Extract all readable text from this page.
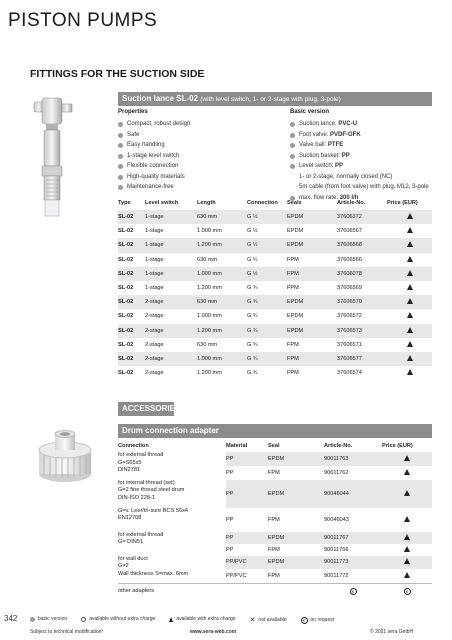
PISTON PUMPS
FITTINGS FOR THE SUCTION SIDE
Suction lance SL-02 (with level switch, 1- or 2-stage with plug, 3-pole)
Properties	Basic version
Compact, robust design
Safe
Easy handling
1-stage level switch
Flexible connection
High-quality materials
Maintenance-free
Suction lance: PVC-U
Foot valve: PVDF-GFK
Valve ball: PTFE
Suction basket: PP
Level switch: PP
1- or 2-stage, normally closed (NC)
5m cable (from foot valve) with plug, M12, 3-pole
max. flow rate: 200 l/h
Type	Level switch	Length	Connection	Seals	Article-No.	Price (EUR)
SL-02	1-stage	630 mm	G ½	EPDM	37606372	
SL-02	1-stage	1.000 mm	G ½	EPDM	37606567	
SL-02	1-stage	1.200 mm	G ½	EPDM	37606568	
SL-02	1-stage	630 mm	G ½	FPM	37606566	
SL-02	1-stage	1.000 mm	G ½	FPM	37606078	
SL-02	1-stage	1.200 mm	G ¾	FPM	37606569	
SL-02	2-stage	630 mm	G ¾	EPDM	37606570	
SL-02	2-stage	1.000 mm	G ¾	EPDM	37606572	
SL-02	2-stage	1.200 mm	G ¾	EPDM	37606573	
SL-02	2-stage	630 mm	G ¾	FPM	37606571	
SL-02	2-stage	1.000 mm	G ¾	FPM	37606577	
SL-02	2-stage	1.200 mm	G ¾	FPM	37606574	
ACCESSORIES
Drum connection adapter
Connection	Material	Seal	Article-No.	Price (EUR)

for external thread
G=S65x5
DIN2781	PP	EPDM	90011763	
	PP	FPM	90011762	

for internal thread (set)
G=2 fine thread steel drum
DIN-ISO 228-1	PP	EPDM	90046044	

G=v. Leer/tri-sure BCS 56x4
EN12708	PP	FPM	90046043	

for external thread
G= DIN51	PP	EPDM	90011767	
	PP	FPM	90011766	

for wall duct
G=2
Wall thickness S=max. 6mm	PP/PVC	EPDM	90011773	
	PP/PVC	FPM	90011772	
other adapters			€	€
342	basic version	available without extra charge	available with extra charge ✕ not available	€	on request
Subject to technical modification!	www.sera-web.com	© 2021 sera GmbH
